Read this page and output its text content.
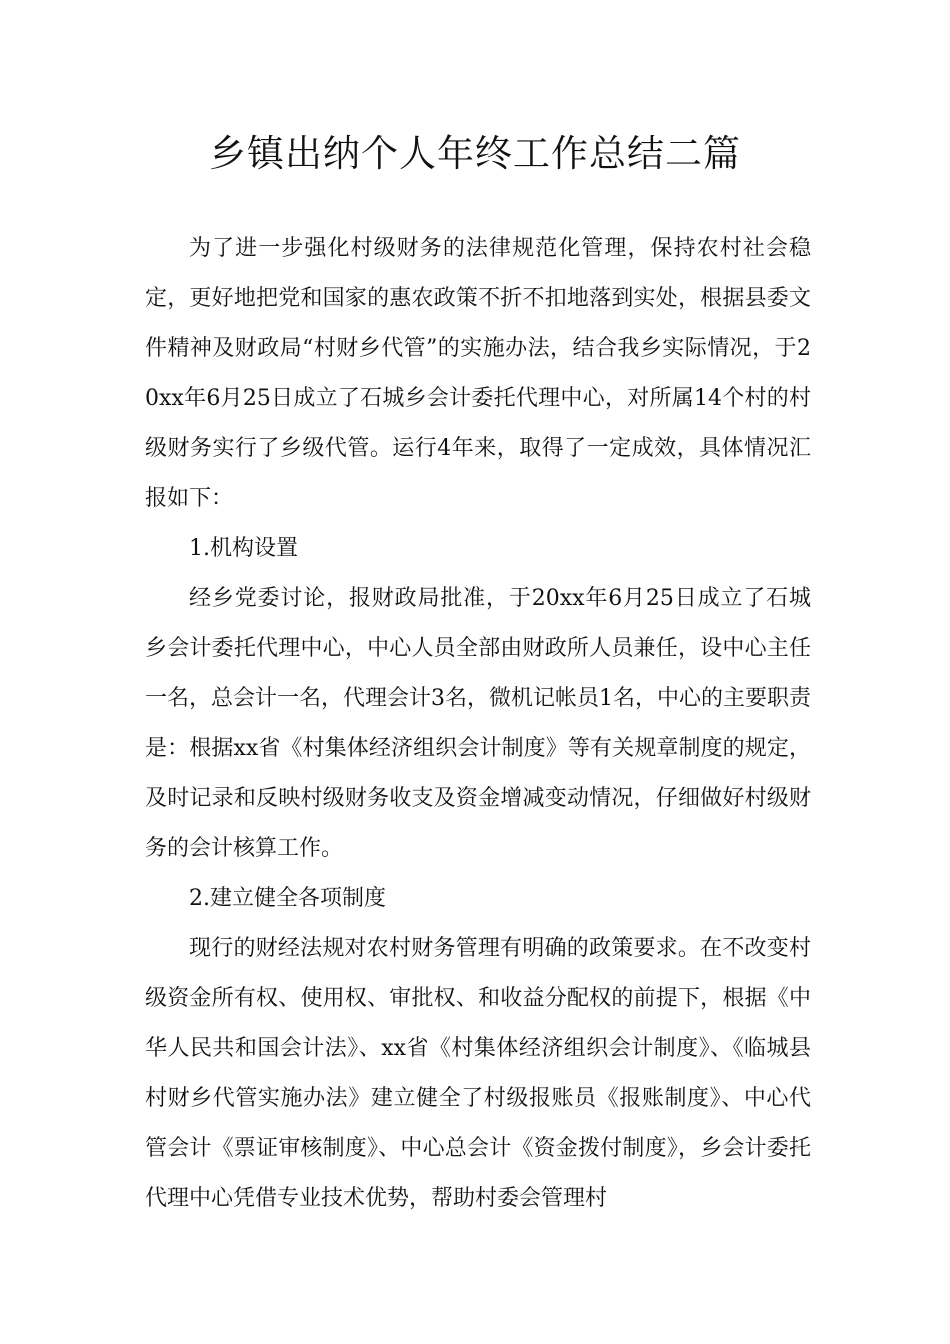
乡镇出纳个人年终工作总结二篇

为了进一步强化村级财务的法律规范化管理，保持农村社会稳定，更好地把党和国家的惠农政策不折不扣地落到实处，根据县委文件精神及财政局“村财乡代管”的实施办法，结合我乡实际情况，于20xx年6月25日成立了石城乡会计委托代理中心，对所属14个村的村级财务实行了乡级代管。运行4年来，取得了一定成效，具体情况汇报如下：

1.机构设置

经乡党委讨论，报财政局批准，于20xx年6月25日成立了石城乡会计委托代理中心，中心人员全部由财政所人员兼任，设中心主任一名，总会计一名，代理会计3名，微机记帐员1名，中心的主要职责是：根据xx省《村集体经济组织会计制度》等有关规章制度的规定，及时记录和反映村级财务收支及资金增减变动情况，仔细做好村级财务的会计核算工作。

2.建立健全各项制度

现行的财经法规对农村财务管理有明确的政策要求。在不改变村级资金所有权、使用权、审批权、和收益分配权的前提下，根据《中华人民共和国会计法》、xx省《村集体经济组织会计制度》、《临城县村财乡代管实施办法》建立健全了村级报账员《报账制度》、中心代管会计《票证审核制度》、中心总会计《资金拨付制度》，乡会计委托代理中心凭借专业技术优势，帮助村委会管理村
